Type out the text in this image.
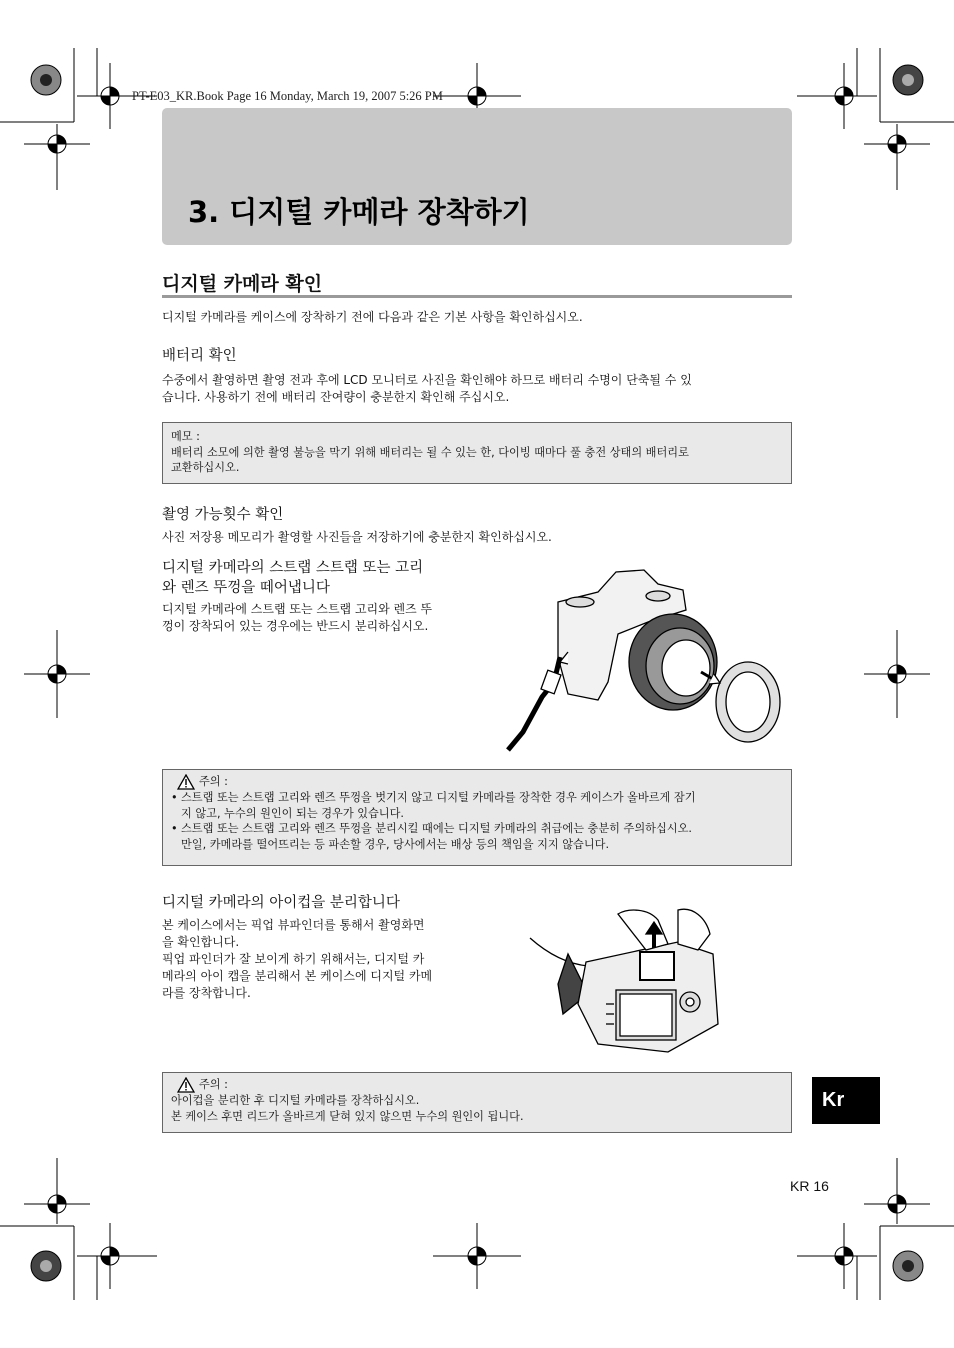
PT-E03_KR.Book Page 16 Monday, March 19, 2007 5:26 PM
3. 디지털 카메라 장착하기
디지털 카메라 확인
디지털 카메라를 케이스에 장착하기 전에 다음과 같은 기본 사항을 확인하십시오.
배터리 확인
수중에서 촬영하면 촬영 전과 후에 LCD 모니터로 사진을 확인해야 하므로 배터리 수명이 단축될 수 있
습니다. 사용하기 전에 배터리 잔여량이 충분한지 확인해 주십시오.
메모 :
배터리 소모에 의한 촬영 불능을 막기 위해 배터리는 될 수 있는 한, 다이빙 때마다 풀 충전 상태의 배터리로
교환하십시오.
촬영 가능횟수 확인
사진 저장용 메모리가 촬영할 사진들을 저장하기에 충분한지 확인하십시오.
디지털 카메라의 스트랩 스트랩 또는 고리
와 렌즈 뚜껑을 떼어냅니다
디지털 카메라에 스트랩 또는 스트랩 고리와 렌즈 뚜
껑이 장착되어 있는 경우에는 반드시 분리하십시오.
주의 :
• 스트랩 또는 스트랩 고리와 렌즈 뚜껑을 벗기지 않고 디지털 카메라를 장착한 경우 케이스가 올바르게 잠기
지 않고, 누수의 원인이 되는 경우가 있습니다.
• 스트랩 또는 스트랩 고리와 렌즈 뚜껑을 분리시킬 때에는 디지털 카메라의 취급에는 충분히 주의하십시오.
만일, 카메라를 떨어뜨리는 등 파손할 경우, 당사에서는 배상 등의 책임을 지지 않습니다.
디지털 카메라의 아이컵을 분리합니다
본 케이스에서는 픽업 뷰파인더를 통해서 촬영화면
을 확인합니다.
픽업 파인더가 잘 보이게 하기 위해서는, 디지털 카
메라의 아이 캡을 분리해서 본 케이스에 디지털 카메
라를 장착합니다.
주의 :
아이컵을 분리한 후 디지털 카메라를 장착하십시오.
본 케이스 후면 리드가 올바르게 닫혀 있지 않으면 누수의 원인이 됩니다.
Kr
KR 16
